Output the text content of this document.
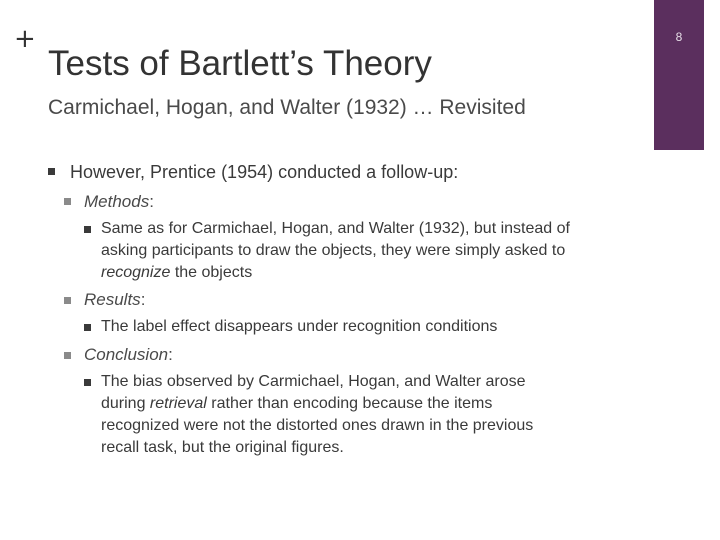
+	8
Tests of Bartlett’s Theory
Carmichael, Hogan, and Walter (1932) … Revisited
However, Prentice (1954) conducted a follow-up:
Methods:

Same as for Carmichael, Hogan, and Walter (1932), but instead of

asking participants to draw the objects, they were simply asked to

recognize the objects

Results:
The label effect disappears under recognition conditions
Conclusion:

The bias observed by Carmichael, Hogan, and Walter arose

during retrieval rather than encoding because the items

recognized were not the distorted ones drawn in the previous

recall task, but the original figures.
